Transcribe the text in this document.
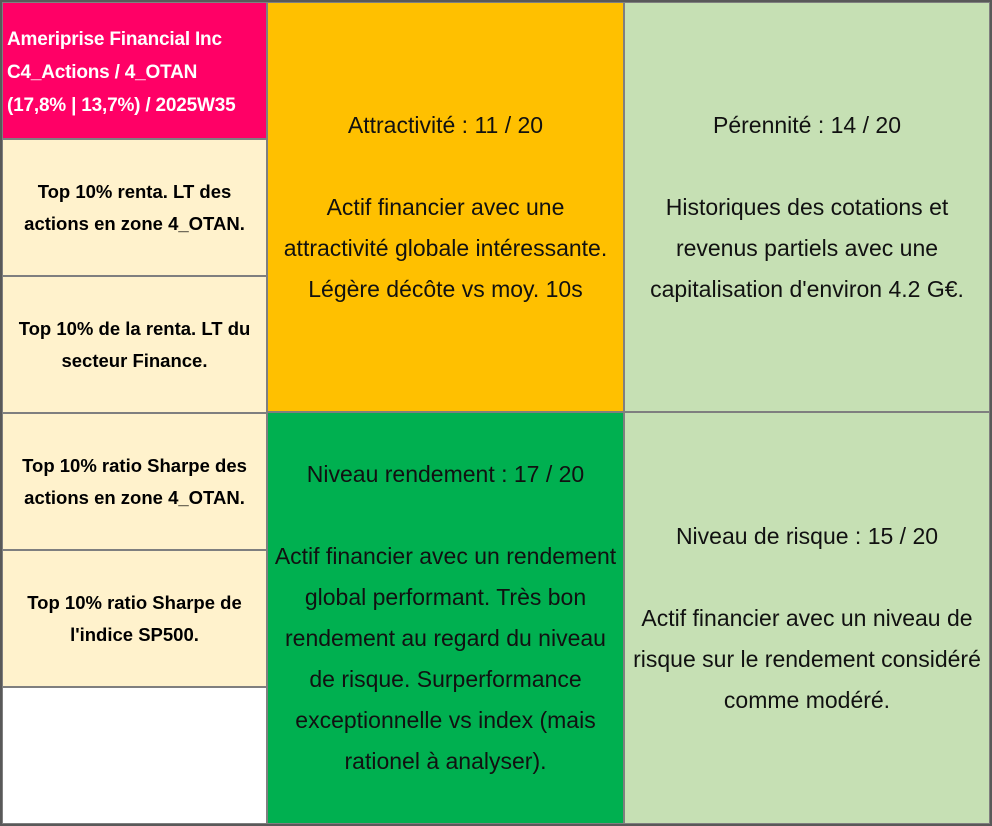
Ameriprise Financial Inc
C4_Actions / 4_OTAN
(17,8% | 13,7%) / 2025W35
Top 10% renta. LT des actions en zone 4_OTAN.
Top 10% de la renta. LT du secteur Finance.
Top 10% ratio Sharpe des actions en zone 4_OTAN.
Top 10% ratio Sharpe de l'indice SP500.
Attractivité : 11 / 20
Actif financier avec une attractivité globale intéressante. Légère décôte vs moy. 10s
Pérennité : 14 / 20
Historiques des cotations et revenus partiels avec une capitalisation d'environ 4.2 G€.
Niveau rendement : 17 / 20
Actif financier avec un rendement global performant. Très bon rendement au regard du niveau de risque. Surperformance exceptionnelle vs index (mais rationel à analyser).
Niveau de risque : 15 / 20
Actif financier avec un niveau de risque sur le rendement considéré comme modéré.
